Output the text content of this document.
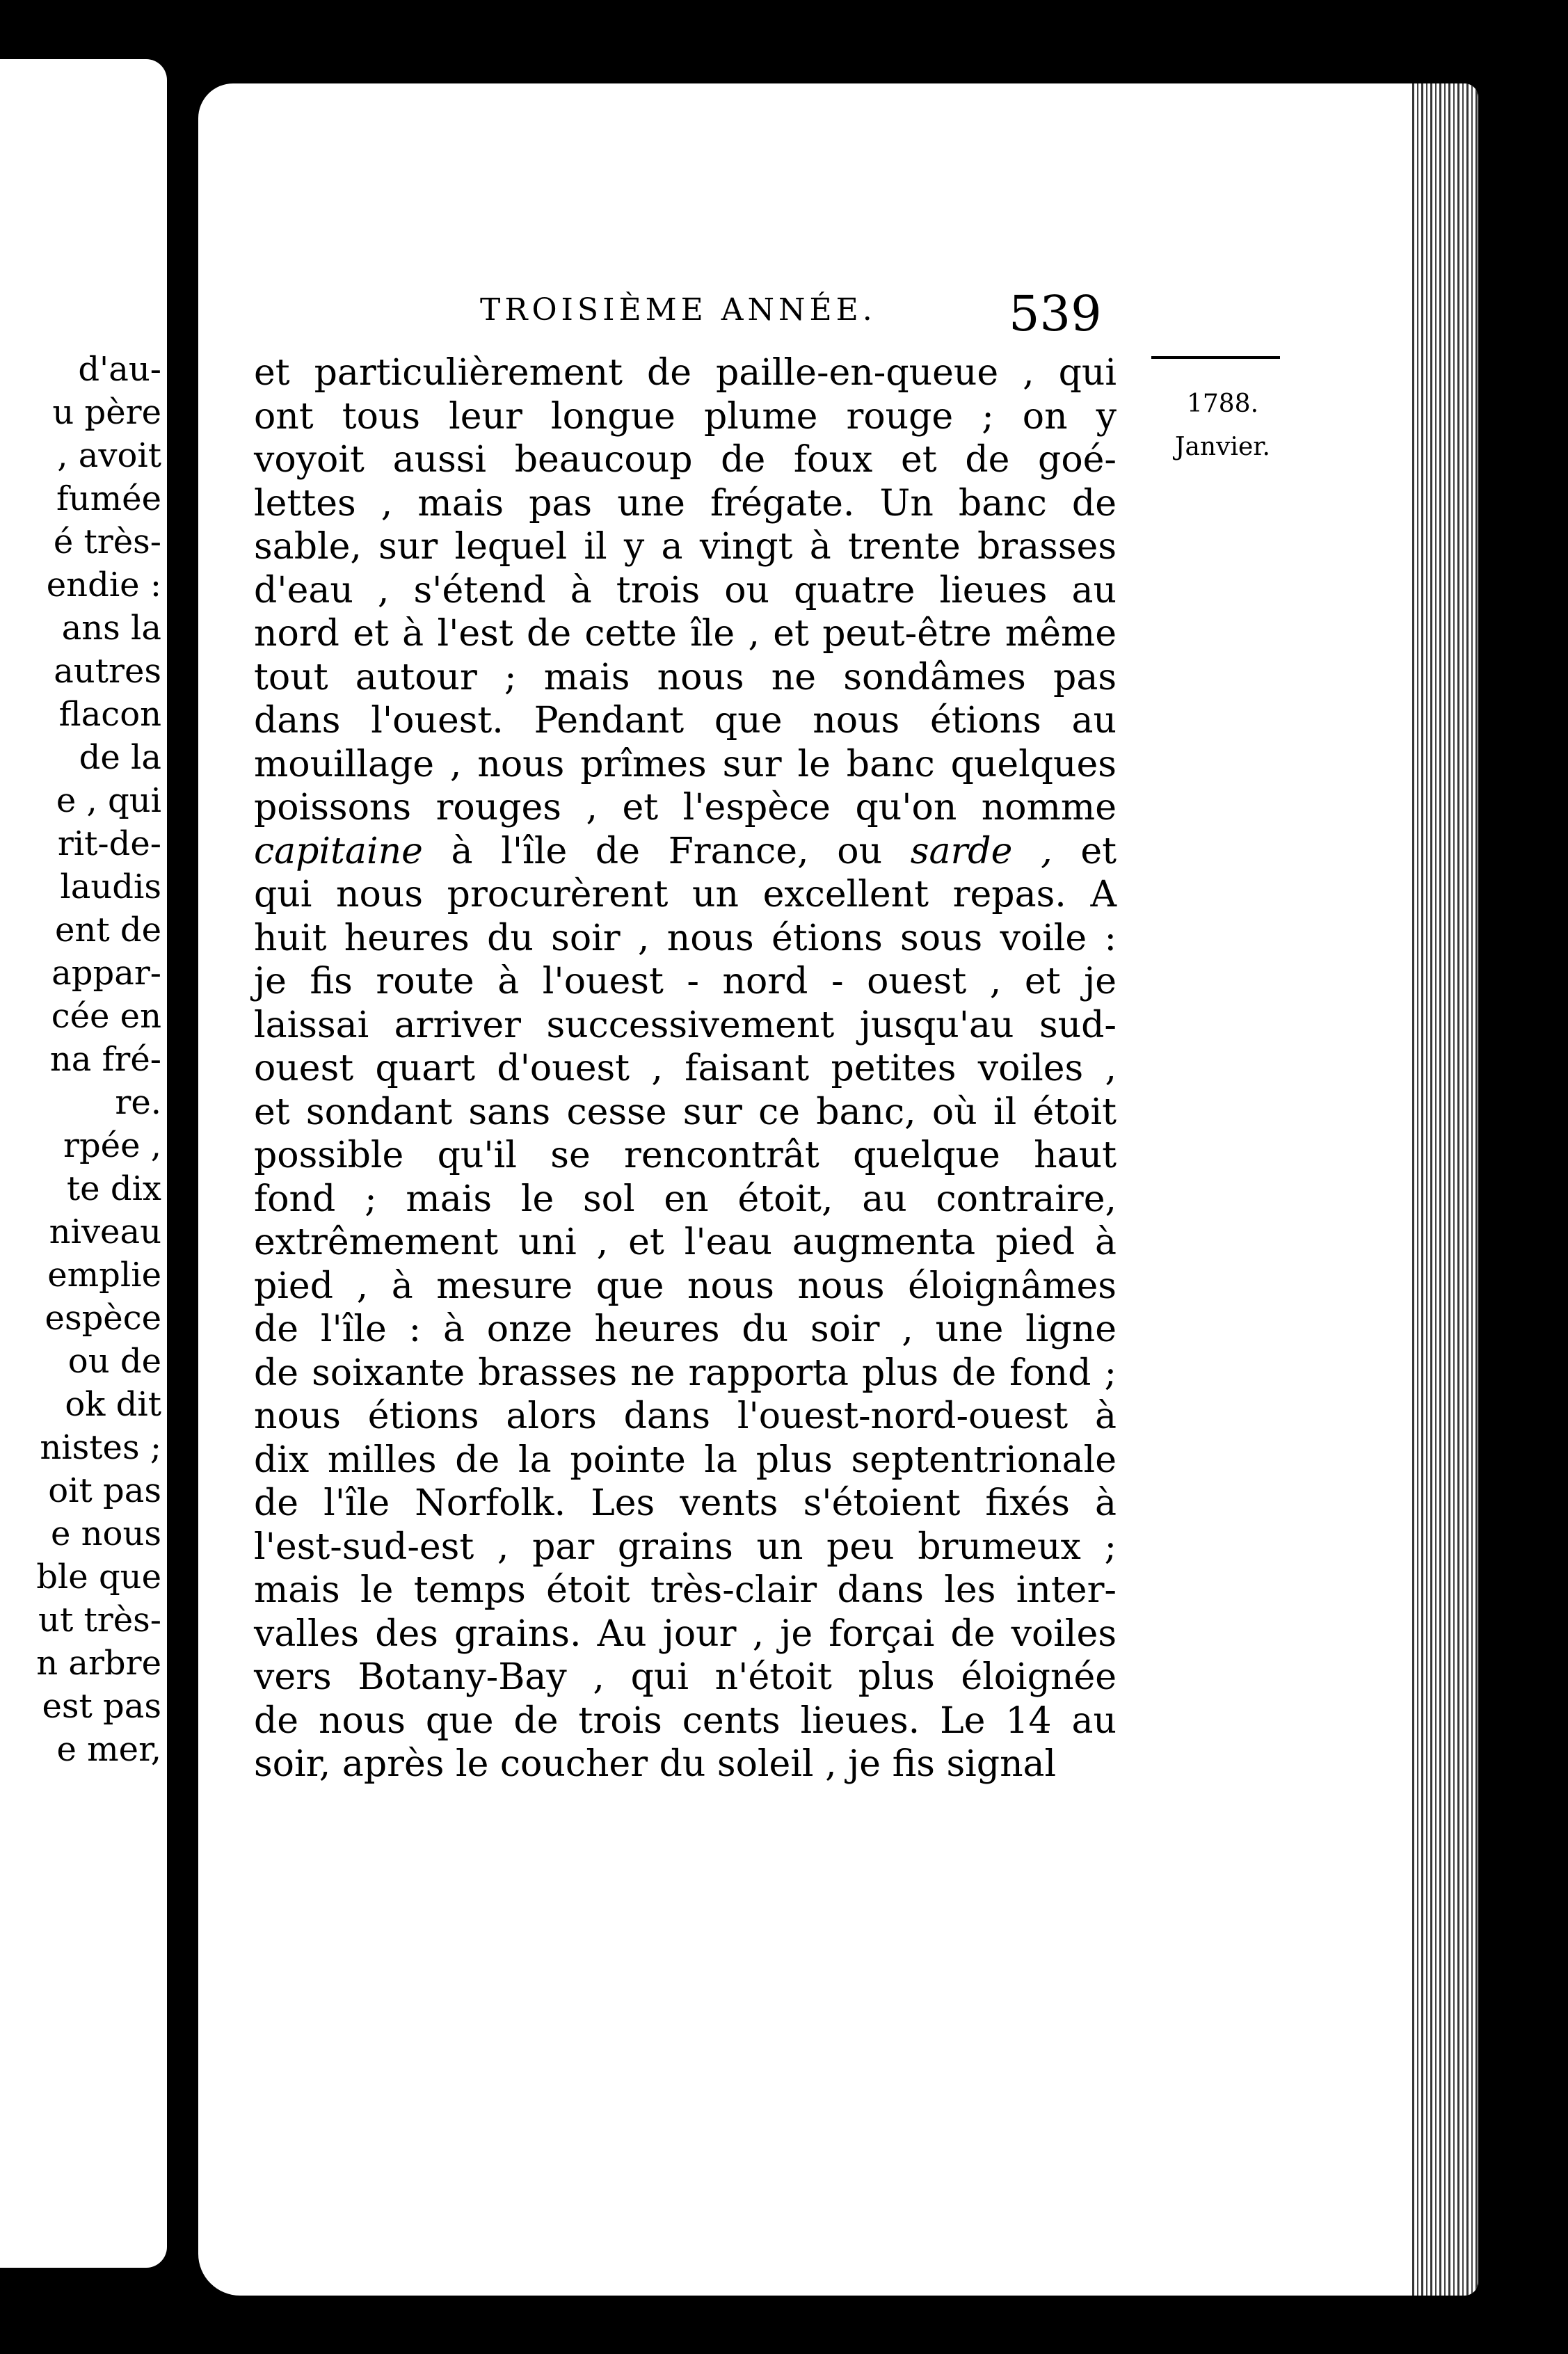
d'au-
u père
, avoit
fumée
é très-
endie :
ans la
autres
flacon
de la
e , qui
rit-de-
laudis
ent de
appar-
cée en
na fré-
re.
rpée ,
te dix
niveau
emplie
espèce
ou de
ok dit
nistes ;
oit pas
e nous
ble que
ut très-
n arbre
est pas
e mer,
TROISIÈME ANNÉE.	539
1788.
Janvier.
et particulièrement de paille-en-queue , qui
ont tous leur longue plume rouge ; on y
voyoit aussi beaucoup de foux et de goé-
lettes , mais pas une frégate. Un banc de
sable, sur lequel il y a vingt à trente brasses
d'eau , s'étend à trois ou quatre lieues au
nord et à l'est de cette île , et peut-être même
tout autour ; mais nous ne sondâmes pas
dans l'ouest. Pendant que nous étions au
mouillage , nous prîmes sur le banc quelques
poissons rouges , et l'espèce qu'on nomme
capitaine à l'île de France, ou sarde , et
qui nous procurèrent un excellent repas. A
huit heures du soir , nous étions sous voile :
je fis route à l'ouest - nord - ouest , et je
laissai arriver successivement jusqu'au sud-
ouest quart d'ouest , faisant petites voiles ,
et sondant sans cesse sur ce banc, où il étoit
possible qu'il se rencontrât quelque haut
fond ; mais le sol en étoit, au contraire,
extrêmement uni , et l'eau augmenta pied à
pied , à mesure que nous nous éloignâmes
de l'île : à onze heures du soir , une ligne
de soixante brasses ne rapporta plus de fond ;
nous étions alors dans l'ouest-nord-ouest à
dix milles de la pointe la plus septentrionale
de l'île Norfolk. Les vents s'étoient fixés à
l'est-sud-est , par grains un peu brumeux ;
mais le temps étoit très-clair dans les inter-
valles des grains. Au jour , je forçai de voiles
vers Botany-Bay , qui n'étoit plus éloignée
de nous que de trois cents lieues. Le 14 au
soir, après le coucher du soleil , je fis signal
